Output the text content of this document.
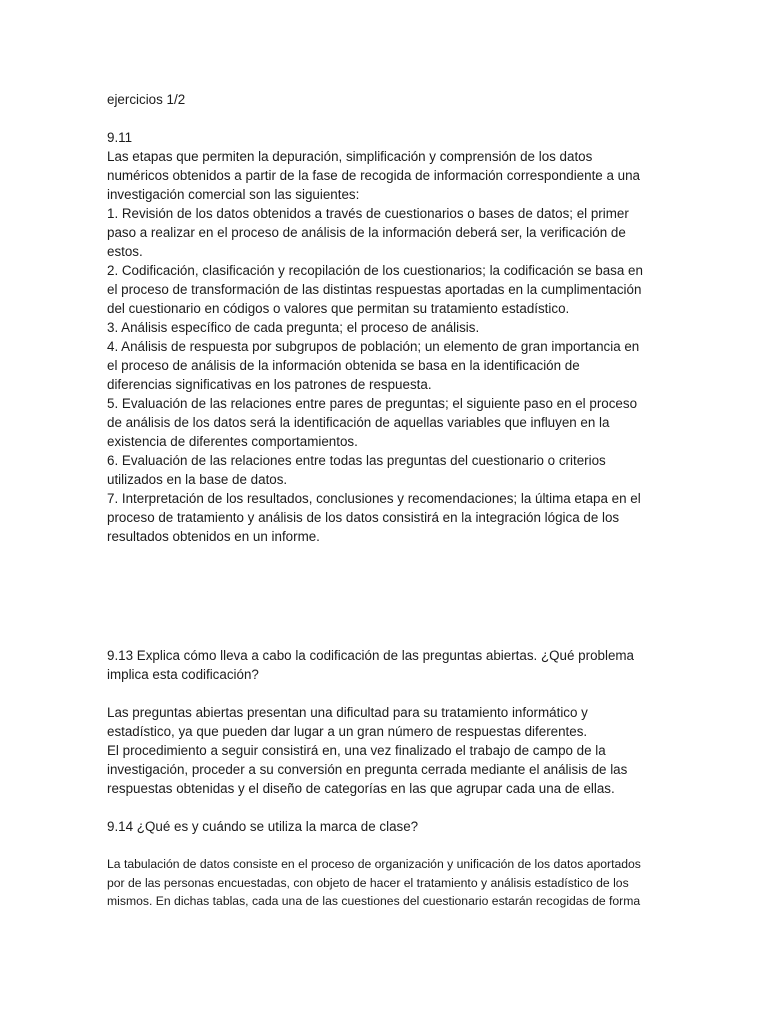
ejercicios 1/2

9.11

Las etapas que permiten la depuración, simplificación y comprensión de los datos

numéricos obtenidos a partir de la fase de recogida de información correspondiente a una

investigación comercial son las siguientes:

1. Revisión de los datos obtenidos a través de cuestionarios o bases de datos; el primer

paso a realizar en el proceso de análisis de la información deberá ser, la verificación de

estos.

2. Codificación, clasificación y recopilación de los cuestionarios; la codificación se basa en

el proceso de transformación de las distintas respuestas aportadas en la cumplimentación

del cuestionario en códigos o valores que permitan su tratamiento estadístico.

3. Análisis específico de cada pregunta; el proceso de análisis.

4. Análisis de respuesta por subgrupos de población; un elemento de gran importancia en

el proceso de análisis de la información obtenida se basa en la identificación de

diferencias significativas en los patrones de respuesta.

5. Evaluación de las relaciones entre pares de preguntas; el siguiente paso en el proceso

de análisis de los datos será la identificación de aquellas variables que influyen en la

existencia de diferentes comportamientos.

6. Evaluación de las relaciones entre todas las preguntas del cuestionario o criterios

utilizados en la base de datos.

7. Interpretación de los resultados, conclusiones y recomendaciones; la última etapa en el

proceso de tratamiento y análisis de los datos consistirá en la integración lógica de los

resultados obtenidos en un informe.

9.13 Explica cómo lleva a cabo la codificación de las preguntas abiertas. ¿Qué problema

implica esta codificación?

Las preguntas abiertas presentan una dificultad para su tratamiento informático y

estadístico, ya que pueden dar lugar a un gran número de respuestas diferentes.

El procedimiento a seguir consistirá en, una vez finalizado el trabajo de campo de la

investigación, proceder a su conversión en pregunta cerrada mediante el análisis de las

respuestas obtenidas y el diseño de categorías en las que agrupar cada una de ellas.

9.14 ¿Qué es y cuándo se utiliza la marca de clase?

La tabulación de datos consiste en el proceso de organización y unificación de los datos aportados

por de las personas encuestadas, con objeto de hacer el tratamiento y análisis estadístico de los

mismos. En dichas tablas, cada una de las cuestiones del cuestionario estarán recogidas de forma
